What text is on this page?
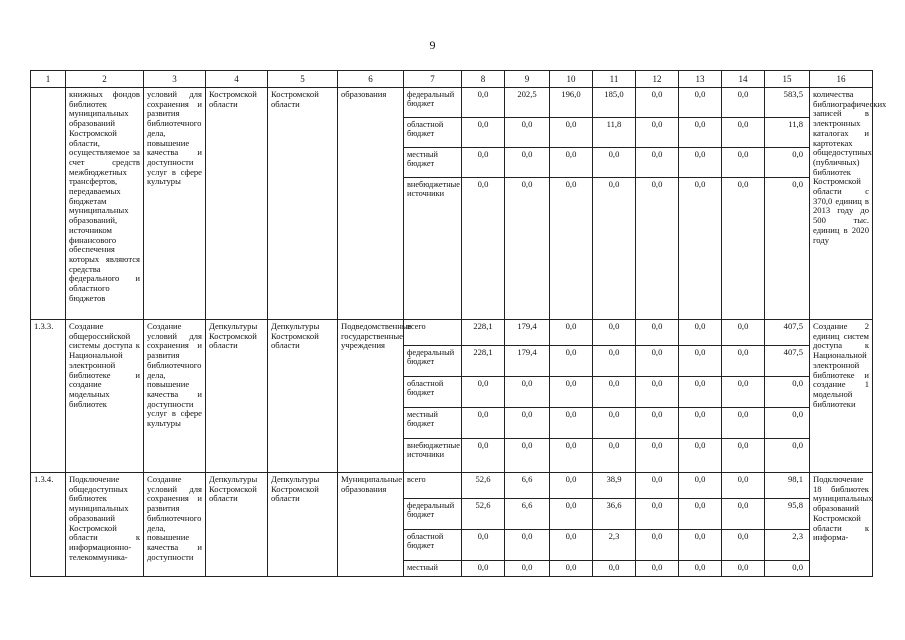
9
1	2	3	4	5	6	7	8	9	10	11	12	13	14	15	16
	книжных фондов библиотек муниципальных образований Костромской области, осуществляемое за счет средств межбюджетных трансфертов, передаваемых бюджетам муниципальных образований, источником финансового обеспечения которых являются средства федерального и областного бюджетов	условий для сохранения и развития библиотечного дела, повышение качества и доступности услуг в сфере культуры	Костромской области	Костромской области	образования	федеральный бюджет	0,0	202,5	196,0	185,0	0,0	0,0	0,0	583,5	количества библиографических записей в электронных каталогах и картотеках общедоступных (публичных) библиотек Костромской области с 370,0 единиц в 2013 году до 500 тыс. единиц в 2020 году
						областной бюджет	0,0	0,0	0,0	11,8	0,0	0,0	0,0	11,8	
						местный бюджет	0,0	0,0	0,0	0,0	0,0	0,0	0,0	0,0	
						внебюджетные источники	0,0	0,0	0,0	0,0	0,0	0,0	0,0	0,0	
1.3.3.	Создание общероссийской системы доступа к Национальной электронной библиотеке и создание модельных библиотек	Создание условий для сохранения и развития библиотечного дела, повышение качества и доступности услуг в сфере культуры	Депкультуры Костромской области	Депкультуры Костромской области	Подведомственные государственные учреждения	всего	228,1	179,4	0,0	0,0	0,0	0,0	0,0	407,5	Создание 2 единиц систем доступа к Национальной электронной библиотеке и создание 1 модельной библиотеки
						федеральный бюджет	228,1	179,4	0,0	0,0	0,0	0,0	0,0	407,5	
						областной бюджет	0,0	0,0	0,0	0,0	0,0	0,0	0,0	0,0	
						местный бюджет	0,0	0,0	0,0	0,0	0,0	0,0	0,0	0,0	
						внебюджетные источники	0,0	0,0	0,0	0,0	0,0	0,0	0,0	0,0	
1.3.4.	Подключение общедоступных библиотек муниципальных образований Костромской области к информационно-телекоммуника-	Создание условий для сохранения и развития библиотечного дела, повышение качества и доступности	Депкультуры Костромской области	Депкультуры Костромской области	Муниципальные образования	всего	52,6	6,6	0,0	38,9	0,0	0,0	0,0	98,1	Подключение 18 библиотек муниципальных образований Костромской области к информа-
						федеральный бюджет	52,6	6,6	0,0	36,6	0,0	0,0	0,0	95,8	
						областной бюджет	0,0	0,0	0,0	2,3	0,0	0,0	0,0	2,3	
						местный	0,0	0,0	0,0	0,0	0,0	0,0	0,0	0,0	
